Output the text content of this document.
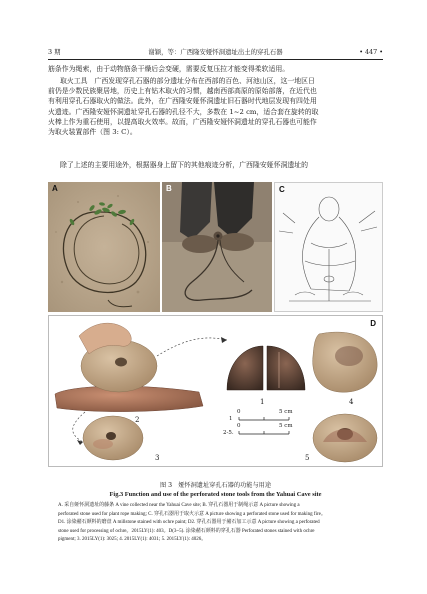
3 期	谢颖，等：广西隆安娅怀洞遗址出土的穿孔石器	• 447 •

筋条作为绳索，由于动物筋条干燥后会变硬，需要反复压拉才能变得柔软适用。

取火工具　广西发现穿孔石器的部分遗址分布在西部的百色、河池山区，这一地区日
前仍是少数民族聚居地，历史上有钻木取火的习惯，越南西部高原的原始部落，在近代也
有利用穿孔石器取火的做法。此外，在广西隆安娅怀洞遗址旧石器时代地层发现有四处用
火遗迹。广西隆安娅怀洞遗址穿孔石器的孔径不大，多数在 1~2 cm，适合套在旋转的取
火棒上作为重石使用，以提高取火效率。故而，广西隆安娅怀洞遗址的穿孔石器也可能作
为取火装置部件（图 3: C）。

除了上述的主要用途外，根据器身上留下的其他痕迹分析，广西隆安娅怀洞遗址的

A	B	C
D
1
2
3
4
5
0	5 cm
1
0	5 cm
2-5.
图 3　娅怀洞遗址穿孔石器的功能与用途
Fig.3 Function and use of the perforated stone tools from the Yahuai Cave site
A. 采自娅怀洞遗址的藤条 A vine collected near the Yahuai Cave site; B. 穿孔石器用于制绳示意 A picture showing a
perforated stone used for plant rope making; C. 穿孔石器用于取火示意 A picture showing a perforated stone used for making fire。
D1. 涂染赭石颜料的磨盘 A millstone stained with ochre paint; D2. 穿孔石器用于赭石加工示意 A picture showing a perforated
stone used for processing of ochre。2015LY(1): 403。D(3~5). 涂染赭石颜料的穿孔石器 Perforated stones stained with ochre
pigment; 3. 2015LY(1): 3025; 4. 2015LY(1): 4031; 5. 2015LY(1): 4026。
